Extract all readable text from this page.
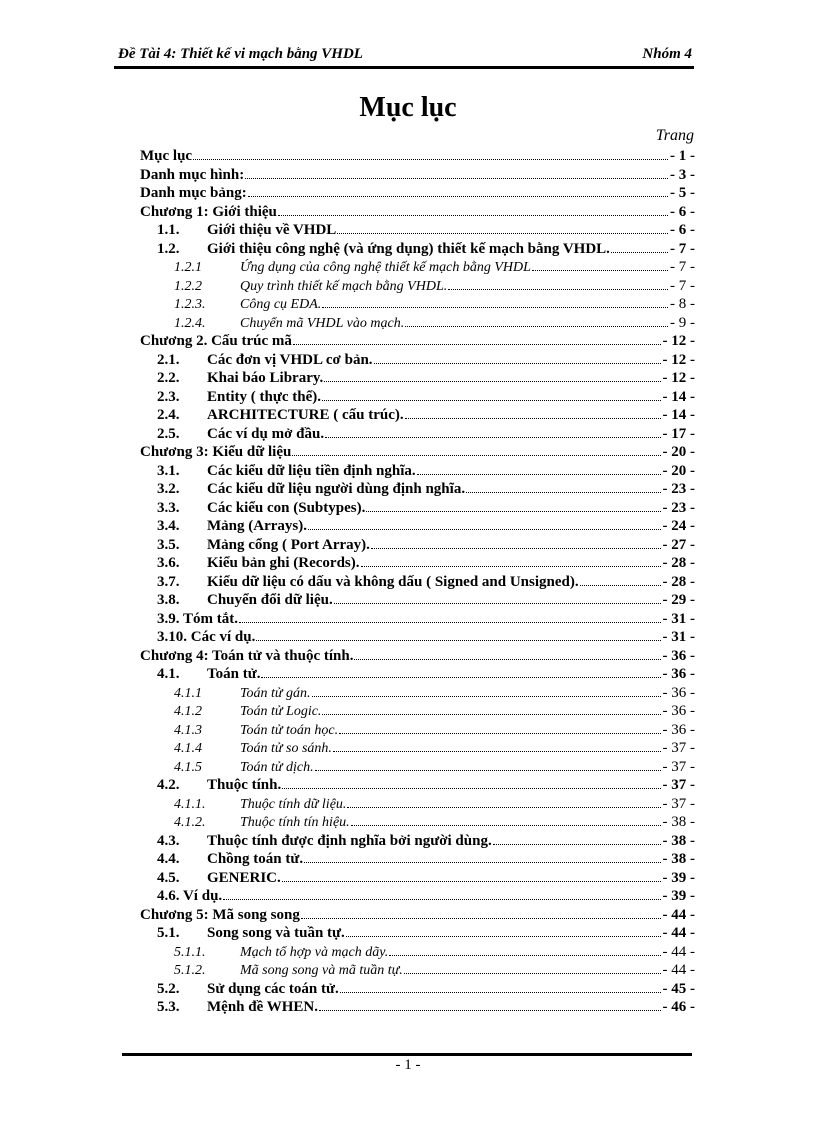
Đề Tài 4: Thiết kế vi mạch bằng VHDL	Nhóm 4
Mục lục
Trang
Mục lục	- 1 -
Danh mục hình:	- 3 -
Danh mục bảng:	- 5 -
Chương 1: Giới thiệu	- 6 -
1.1.	Giới thiệu về VHDL	- 6 -
1.2.	Giới thiệu công nghệ (và ứng dụng) thiết kế mạch bằng VHDL.	- 7 -
1.2.1	Ứng dụng của công nghệ thiết kế mạch bằng VHDL	- 7 -
1.2.2	Quy trình thiết kế mạch bằng VHDL.	- 7 -
1.2.3.	Công cụ EDA.	- 8 -
1.2.4.	Chuyển mã VHDL vào mạch.	- 9 -
Chương 2. Cấu trúc mã	- 12 -
2.1.	Các đơn vị VHDL cơ bản.	- 12 -
2.2.	Khai báo Library.	- 12 -
2.3.	Entity ( thực thể).	- 14 -
2.4.	ARCHITECTURE ( cấu trúc).	- 14 -
2.5.	Các ví dụ mở đầu.	- 17 -
Chương 3: Kiểu dữ liệu	- 20 -
3.1.	Các kiểu dữ liệu tiền định nghĩa.	- 20 -
3.2.	Các kiểu dữ liệu người dùng định nghĩa.	- 23 -
3.3.	Các kiểu con (Subtypes).	- 23 -
3.4.	Mảng (Arrays).	- 24 -
3.5.	Mảng cổng ( Port Array).	- 27 -
3.6.	Kiểu bản ghi (Records).	- 28 -
3.7.	Kiểu dữ liệu có dấu và không dấu ( Signed and Unsigned).	- 28 -
3.8.	Chuyển đổi dữ liệu.	- 29 -
3.9. Tóm tắt.	- 31 -
3.10. Các ví dụ.	- 31 -
Chương 4: Toán tử và thuộc tính.	- 36 -
4.1.	Toán tử.	- 36 -
4.1.1	Toán tử gán.	- 36 -
4.1.2	Toán tử Logic.	- 36 -
4.1.3	Toán tử toán học.	- 36 -
4.1.4	Toán tử so sánh.	- 37 -
4.1.5	Toán tử dịch.	- 37 -
4.2.	Thuộc tính.	- 37 -
4.1.1.	Thuộc tính dữ liệu.	- 37 -
4.1.2.	Thuộc tính tín hiệu.	- 38 -
4.3.	Thuộc tính được định nghĩa bởi người dùng.	- 38 -
4.4.	Chồng toán tử.	- 38 -
4.5.	GENERIC.	- 39 -
4.6. Ví dụ.	- 39 -
Chương 5: Mã song song	- 44 -
5.1.	Song song và tuần tự.	- 44 -
5.1.1.	Mạch tổ hợp và mạch dãy.	- 44 -
5.1.2.	Mã song song và mã tuần tự.	- 44 -
5.2.	Sử dụng các toán tử.	- 45 -
5.3.	Mệnh đề WHEN.	- 46 -
- 1 -
